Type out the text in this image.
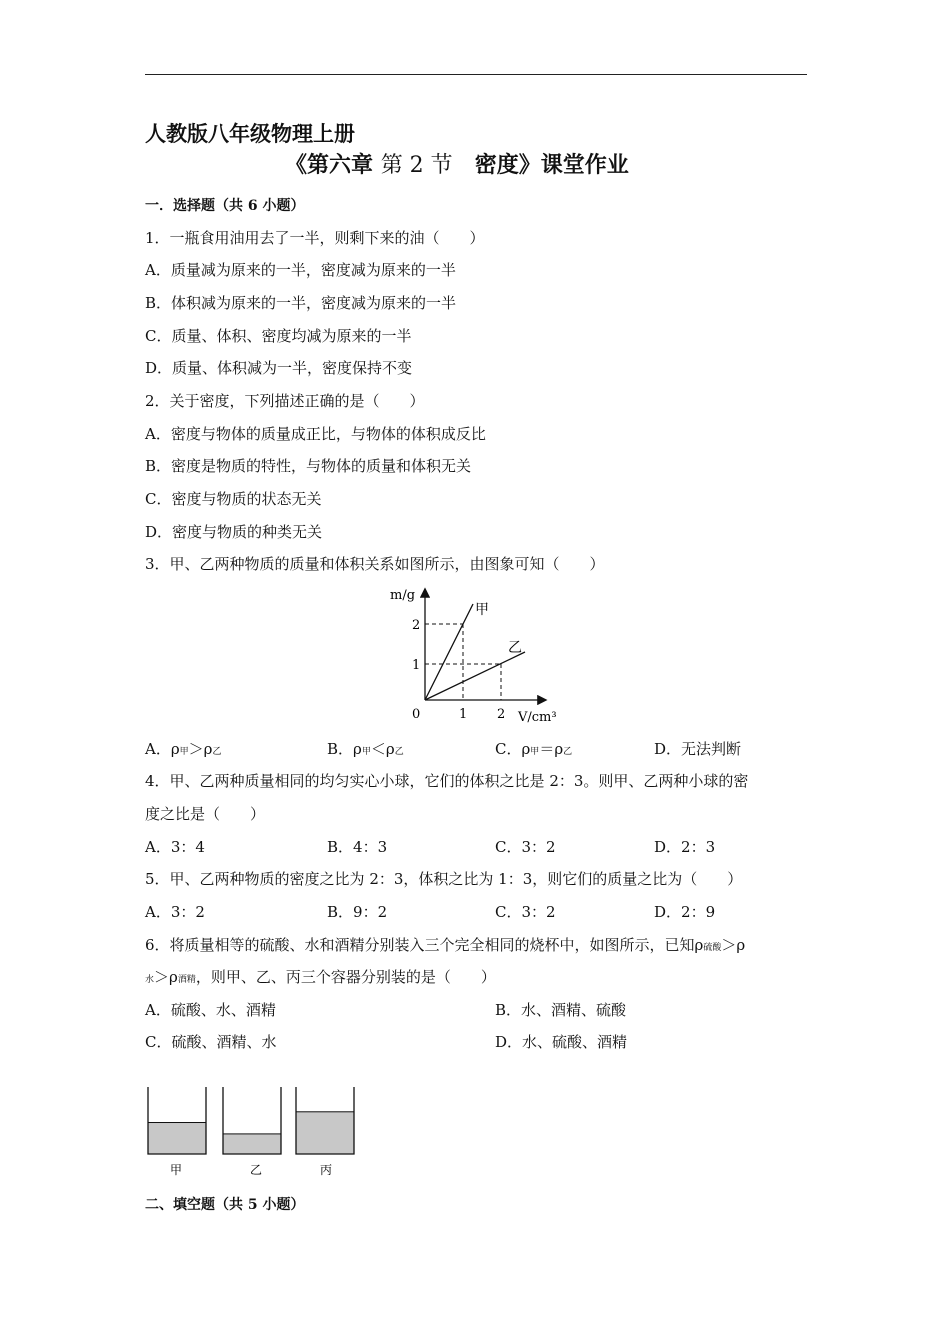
人教版八年级物理上册
《第六章 第 2 节　 密度》课堂作业
一．选择题（共 6 小题）
1．一瓶食用油用去了一半，则剩下来的油（　　）
A．质量减为原来的一半，密度减为原来的一半
B．体积减为原来的一半，密度减为原来的一半
C．质量、体积、密度均减为原来的一半
D．质量、体积减为一半，密度保持不变
2．关于密度，下列描述正确的是（　　）
A．密度与物体的质量成正比，与物体的体积成反比
B．密度是物质的特性，与物体的质量和体积无关
C．密度与物质的状态无关
D．密度与物质的种类无关
3．甲、乙两种物质的质量和体积关系如图所示，由图象可知（　　）
m/g
V/cm³
0	1 2
2
1
甲
乙
A．ρ甲＞ρ乙	B．ρ甲＜ρ乙	C．ρ甲＝ρ乙	D．无法判断
4．甲、乙两种质量相同的均匀实心小球，它们的体积之比是 2：3。则甲、乙两种小球的密
度之比是（　　）
A．3：4	B．4：3	C．3：2	D．2：3
5．甲、乙两种物质的密度之比为 2：3，体积之比为 1：3，则它们的质量之比为（　　）
A．3：2	B．9：2	C．3：2	D．2：9
6．将质量相等的硫酸、水和酒精分别装入三个完全相同的烧杯中，如图所示，已知ρ硫酸＞ρ
水＞ρ酒精，则甲、乙、丙三个容器分别装的是（　　）
A．硫酸、水、酒精	B．水、酒精、硫酸
C．硫酸、酒精、水	D．水、硫酸、酒精
甲	乙	丙
二、填空题（共 5 小题）
